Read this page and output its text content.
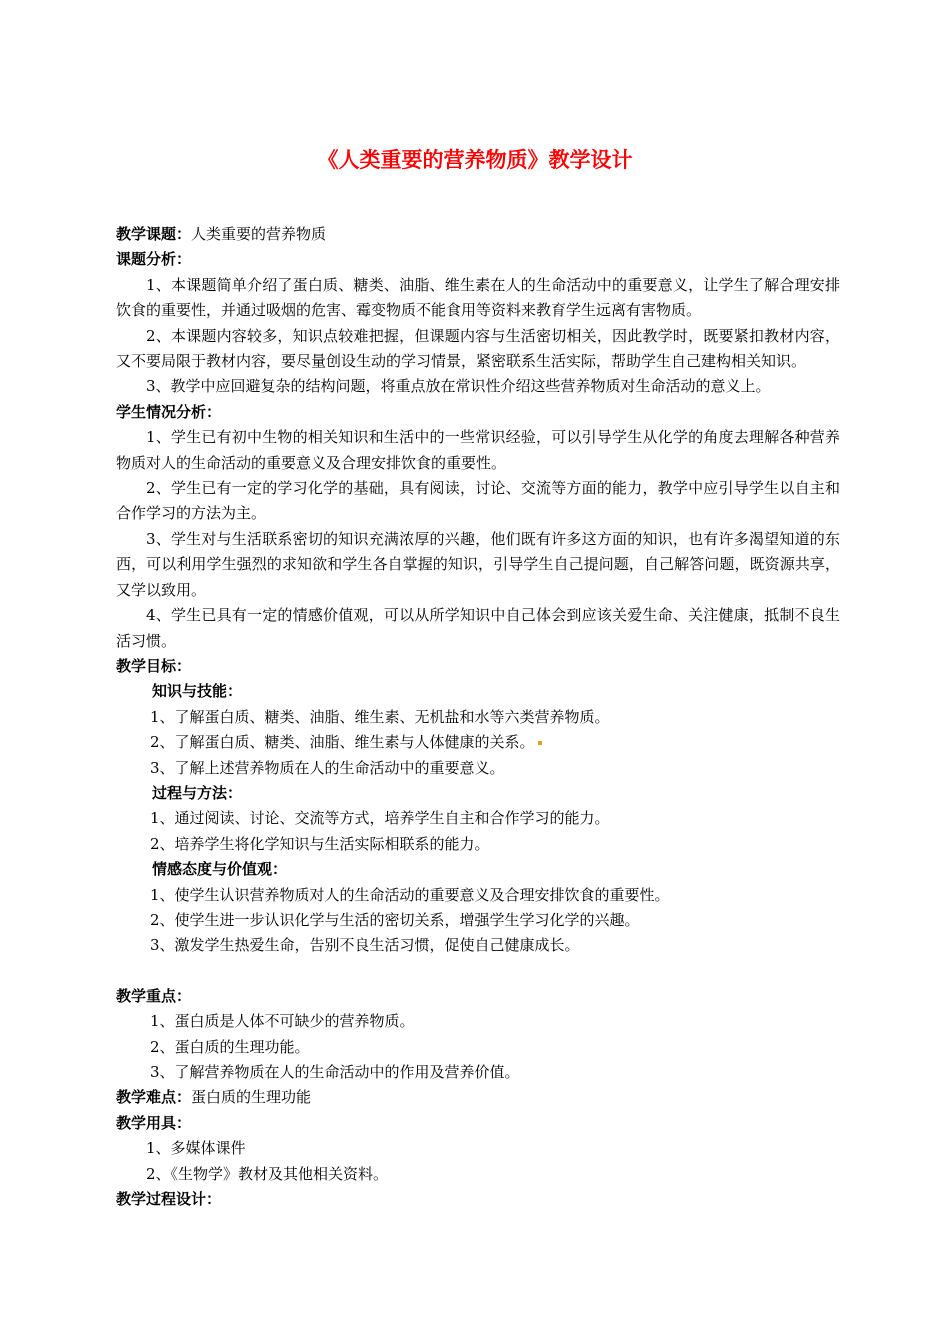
《人类重要的营养物质》教学设计
教学课题：人类重要的营养物质
课题分析：

1、本课题简单介绍了蛋白质、糖类、油脂、维生素在人的生命活动中的重要意义，让学生了解合理安排饮食的重要性，并通过吸烟的危害、霉变物质不能食用等资料来教育学生远离有害物质。

2、本课题内容较多，知识点较难把握，但课题内容与生活密切相关，因此教学时，既要紧扣教材内容，又不要局限于教材内容，要尽量创设生动的学习情景，紧密联系生活实际，帮助学生自己建构相关知识。

3、教学中应回避复杂的结构问题，将重点放在常识性介绍这些营养物质对生命活动的意义上。

学生情况分析：

1、学生已有初中生物的相关知识和生活中的一些常识经验，可以引导学生从化学的角度去理解各种营养物质对人的生命活动的重要意义及合理安排饮食的重要性。

2、学生已有一定的学习化学的基础，具有阅读，讨论、交流等方面的能力，教学中应引导学生以自主和合作学习的方法为主。

3、学生对与生活联系密切的知识充满浓厚的兴趣，他们既有许多这方面的知识，也有许多渴望知道的东西，可以利用学生强烈的求知欲和学生各自掌握的知识，引导学生自己提问题，自己解答问题，既资源共享，又学以致用。

4、学生已具有一定的情感价值观，可以从所学知识中自己体会到应该关爱生命、关注健康，抵制不良生活习惯。

教学目标：
知识与技能：
1、了解蛋白质、糖类、油脂、维生素、无机盐和水等六类营养物质。
2、了解蛋白质、糖类、油脂、维生素与人体健康的关系。
3、了解上述营养物质在人的生命活动中的重要意义。
过程与方法：
1、通过阅读、讨论、交流等方式，培养学生自主和合作学习的能力。
2、培养学生将化学知识与生活实际相联系的能力。
情感态度与价值观：
1、使学生认识营养物质对人的生命活动的重要意义及合理安排饮食的重要性。
2、使学生进一步认识化学与生活的密切关系，增强学生学习化学的兴趣。
3、激发学生热爱生命，告别不良生活习惯，促使自己健康成长。
教学重点：
1、蛋白质是人体不可缺少的营养物质。
2、蛋白质的生理功能。
3、了解营养物质在人的生命活动中的作用及营养价值。
教学难点：蛋白质的生理功能
教学用具：
1、多媒体课件
2、《生物学》教材及其他相关资料。
教学过程设计：
